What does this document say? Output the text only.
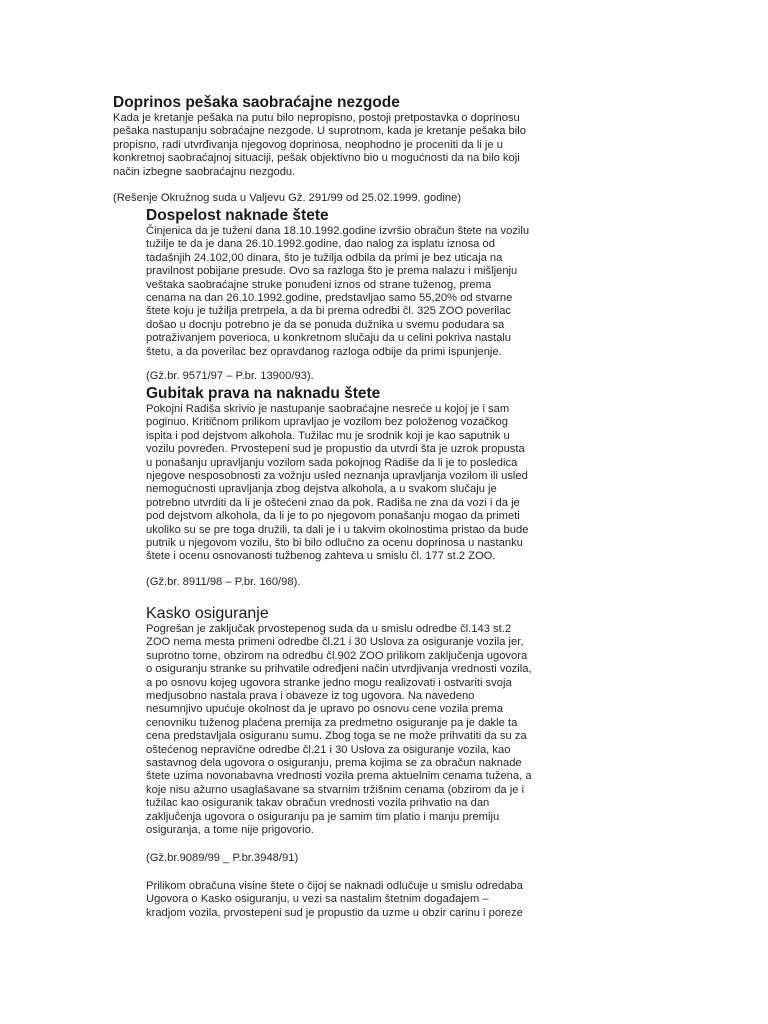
Doprinos pešaka saobraćajne nezgode

Kada je kretanje pešaka na putu bilo nepropisno, postoji pretpostavka o doprinosu
pešaka nastupanju sobraćajne nezgode. U suprotnom, kada je kretanje pešaka bilo
propisno, radi utvrđivanja njegovog doprinosa, neophodno je proceniti da li je u
konkretnoj saobraćajnoj situaciji, pešak objektivno bio u mogućnosti da na bilo koji
način izbegne saobraćajnu nezgodu.

(Rešenje Okružnog suda u Valjevu Gž. 291/99 od 25.02.1999. godine)

Dospelost naknade štete

Činjenica da je tuženi dana 18.10.1992.godine izvršio obračun štete na vozilu
tužilje te da je dana 26.10.1992.godine, dao nalog za isplatu iznosa od
tadašnjih 24.102,00 dinara, što je tužilja odbila da primi je bez uticaja na
pravilnost pobijane presude. Ovo sa razloga što je prema nalazu i mišljenju
veštaka saobraćajne struke ponuđeni iznos od strane tuženog, prema
cenama na dan 26.10.1992.godine, predstavljao samo 55,20% od stvarne
štete koju je tužilja pretrpela, a da bi prema odredbi čl. 325 ZOO poverilac
došao u docnju potrebno je da se ponuda dužnika u svemu podudara sa
potraživanjem poverioca, u konkretnom slučaju da u celini pokriva nastalu
štetu, a da poverilac bez opravdanog razloga odbije da primi ispunjenje.

(Gž.br. 9571/97 – P.br. 13900/93).

Gubitak prava na naknadu štete

Pokojni Radiša skrivio je nastupanje saobraćajne nesreće u kojoj je i sam
poginuo. Kritičnom prilikom upravljao je vozilom bez položenog vozačkog
ispita i pod dejstvom alkohola. Tužilac mu je srodnik koji je kao saputnik u
vozilu povređen. Prvostepeni sud je propustio da utvrdi šta je uzrok propusta
u ponašanju upravljanju vozilom sada pokojnog Radiše da li je to posledica
njegove nesposobnosti za vožnju usled neznanja upravljanja vozilom ili usled
nemogućnosti upravljanja zbog dejstva alkohola, a u svakom slučaju je
potrebno utvrditi da li je oštećeni znao da pok. Radiša ne zna da vozi i da je
pod dejstvom alkohola, da li je to po njegovom ponašanju mogao da primeti
ukoliko su se pre toga družili, ta dali je i u takvim okolnostima pristao da bude
putnik u njegovom vozilu, što bi bilo odlučno za ocenu doprinosa u nastanku
štete i ocenu osnovanosti tužbenog zahteva u smislu čl. 177 st.2 ZOO.

(Gž.br. 8911/98 – P.br. 160/98).

Kasko osiguranje

Pogrešan je zaključak prvostepenog suda da u smislu odredbe čl.143 st.2
ZOO nema mesta primeni odredbe čl.21 i 30 Uslova za osiguranje vozila jer,
suprotno tome, obzirom na odredbu čl.902 ZOO prilikom zaključenja ugovora
o osiguranju stranke su prihvatile određjeni način utvrdjivanja vrednosti vozila,
a po osnovu kojeg ugovora stranke jedno mogu realizovati i ostvariti svoja
medjusobno nastala prava i obaveze iz tog ugovora. Na navedeno
nesumnjivo upućuje okolnost da je upravo po osnovu cene vozila prema
cenovniku tuženog plaćena premija za predmetno osiguranje pa je dakle ta
cena predstavljala osiguranu sumu. Zbog toga se ne može prihvatiti da su za
oštećenog nepravične odredbe čl.21 i 30 Uslova za osiguranje vozila, kao
sastavnog dela ugovora o osiguranju, prema kojima se za obračun naknade
štete uzima novonabavna vrednosti vozila prema aktuelnim cenama tužena, a
koje nisu ažurno usaglašavane sa stvarnim tržišnim cenama (obzirom da je i
tužilac kao osiguranik takav obračun vrednosti vozila prihvatio na dan
zaključenja ugovora o osiguranju pa je samim tim platio i manju premiju
osiguranja, a tome nije prigovorio.

(Gž.br.9089/99 _ P.br.3948/91)

Prilikom obračuna visine štete o čijoj se naknadi odlučuje u smislu odredaba
Ugovora o Kasko osiguranju, u vezi sa nastalim štetnim događajem –
kradjom vozila, prvostepeni sud je propustio da uzme u obzir carinu i poreze
